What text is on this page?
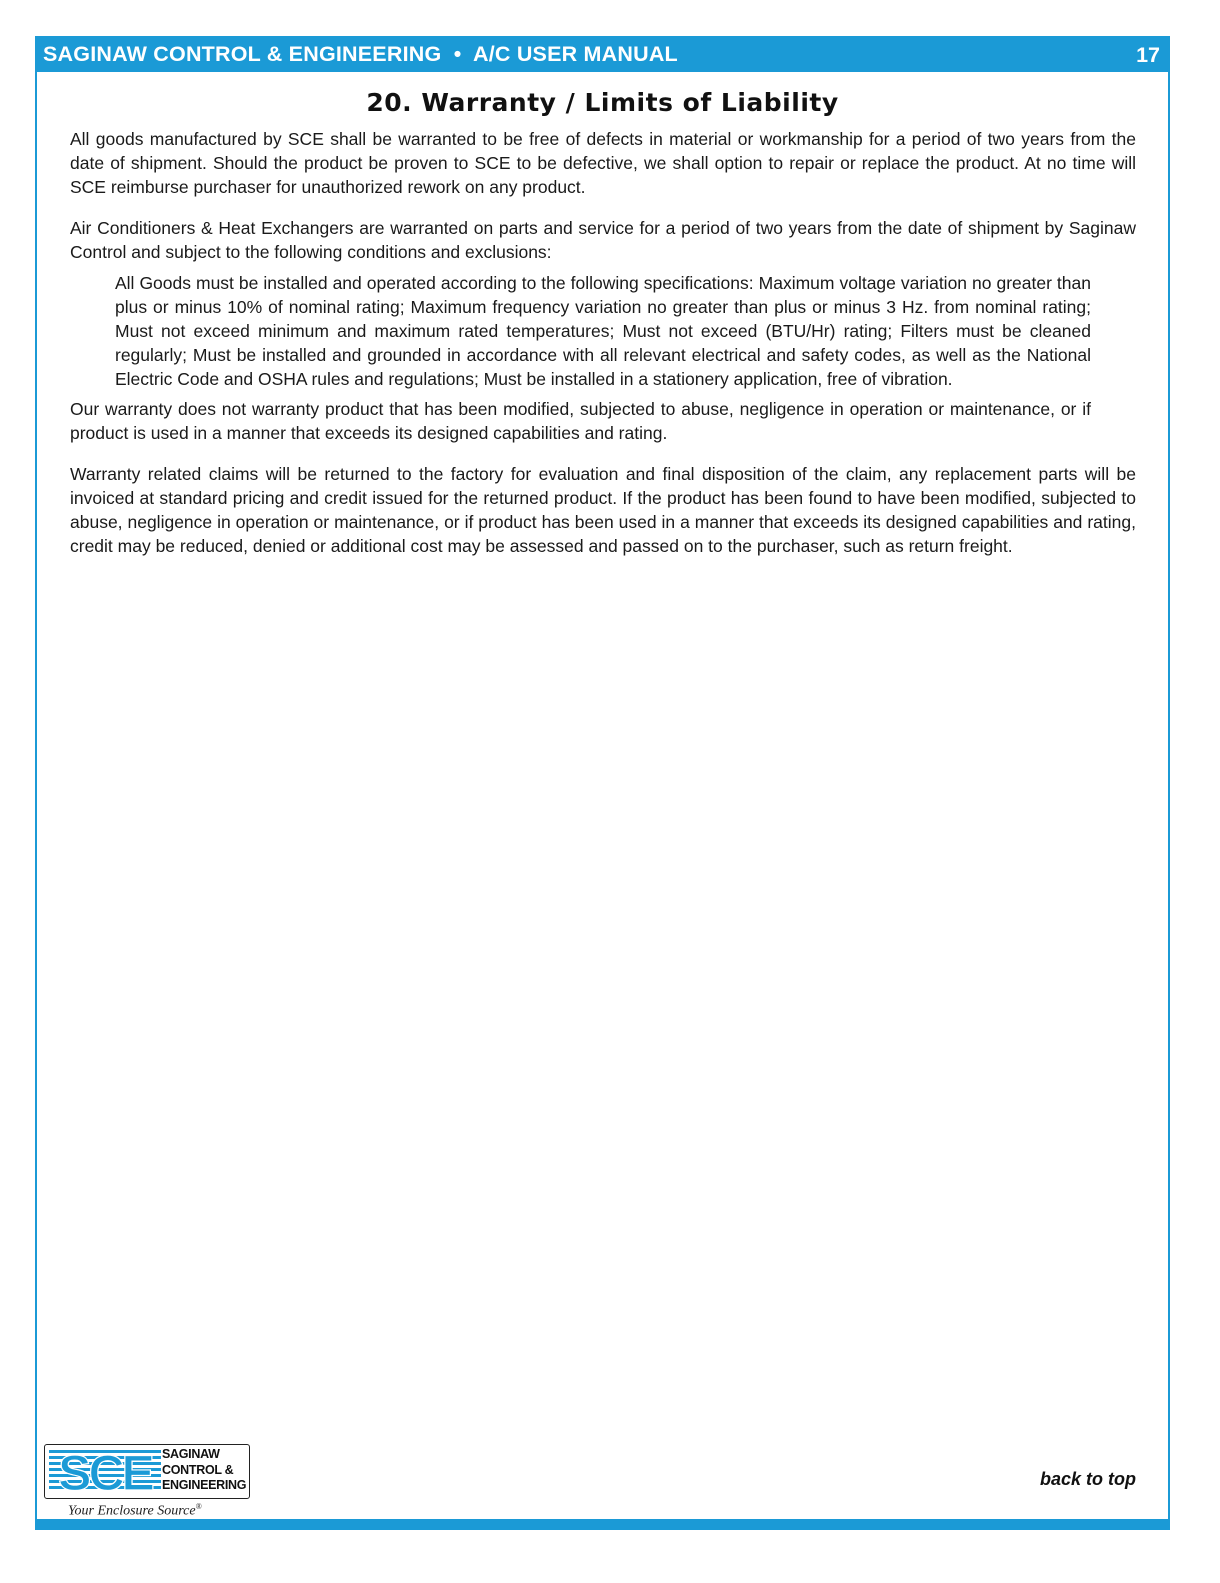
SAGINAW CONTROL & ENGINEERING  •  A/C USER MANUAL	17
20. Warranty / Limits of Liability

All goods manufactured by SCE shall be warranted to be free of defects in material or workmanship for a period of two years from the date of shipment. Should the product be proven to SCE to be defective, we shall option to repair or replace the product. At no time will SCE reimburse purchaser for unauthorized rework on any product.

Air Conditioners & Heat Exchangers are warranted on parts and service for a period of two years from the date of shipment by Saginaw Control and subject to the following conditions and exclusions:

All Goods must be installed and operated according to the following specifications: Maximum voltage variation no greater than plus or minus 10% of nominal rating; Maximum frequency variation no greater than plus or minus 3 Hz. from nominal rating; Must not exceed minimum and maximum rated temperatures; Must not exceed (BTU/Hr) rating; Filters must be cleaned regularly; Must be installed and grounded in accordance with all relevant electrical and safety codes, as well as the National Electric Code and OSHA rules and regulations; Must be installed in a stationery application, free of vibration.

Our warranty does not warranty product that has been modified, subjected to abuse, negligence in operation or maintenance, or if product is used in a manner that exceeds its designed capabilities and rating.

Warranty related claims will be returned to the factory for evaluation and final disposition of the claim, any replacement parts will be invoiced at standard pricing and credit issued for the returned product. If the product has been found to have been modified, subjected to abuse, negligence in operation or maintenance, or if product has been used in a manner that exceeds its designed capabilities and rating, credit may be reduced, denied or additional cost may be assessed and passed on to the purchaser, such as return freight.

SCE SAGINAW
CONTROL &
ENGINEERING
Your Enclosure Source®
back to top
